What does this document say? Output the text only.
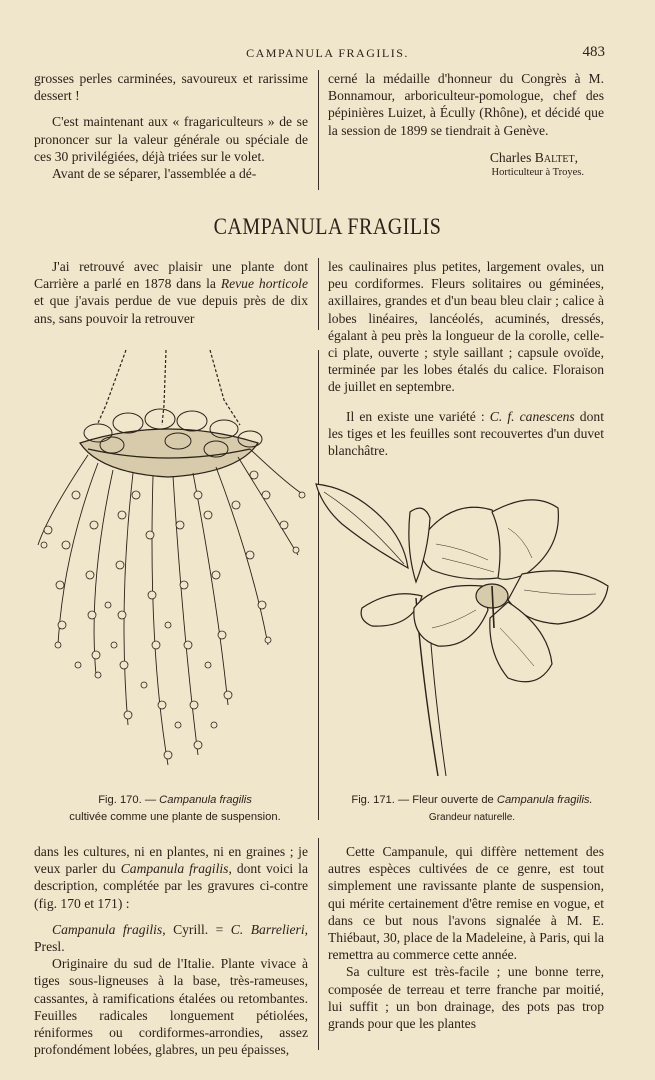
CAMPANULA FRAGILIS.	483

grosses perles carminées, savoureux et rarissime dessert !

C'est maintenant aux « fragariculteurs » de se prononcer sur la valeur générale ou spéciale de ces 30 privilégiées, déjà triées sur le volet.

Avant de se séparer, l'assemblée a dé-

cerné la médaille d'honneur du Congrès à M. Bonnamour, arboriculteur-pomologue, chef des pépinières Luizet, à Écully (Rhône), et décidé que la session de 1899 se tiendrait à Genève.

Charles Baltet,
Horticulteur à Troyes.

CAMPANULA FRAGILIS

J'ai retrouvé avec plaisir une plante dont Carrière a parlé en 1878 dans la Revue horticole et que j'avais perdue de vue depuis près de dix ans, sans pouvoir la retrouver

les caulinaires plus petites, largement ovales, un peu cordiformes. Fleurs solitaires ou géminées, axillaires, grandes et d'un beau bleu clair ; calice à lobes linéaires, lancéolés, acuminés, dressés, égalant à peu près la longueur de la corolle, celle-ci plate, ouverte ; style saillant ; capsule ovoïde, terminée par les lobes étalés du calice. Floraison de juillet en septembre.

Il en existe une variété : C. f. canescens dont les tiges et les feuilles sont recouvertes d'un duvet blanchâtre.

Fig. 170. — Campanula fragilis
cultivée comme une plante de suspension.
Fig. 171. — Fleur ouverte de Campanula fragilis.
Grandeur naturelle.

dans les cultures, ni en plantes, ni en graines ; je veux parler du Campanula fragilis, dont voici la description, complétée par les gravures ci-contre (fig. 170 et 171) :

Campanula fragilis, Cyrill. = C. Barrelieri, Presl.

Originaire du sud de l'Italie. Plante vivace à tiges sous-ligneuses à la base, très-rameuses, cassantes, à ramifications étalées ou retombantes. Feuilles radicales longuement pétiolées, réniformes ou cordiformes-arrondies, assez profondément lobées, glabres, un peu épaisses,

Cette Campanule, qui diffère nettement des autres espèces cultivées de ce genre, est tout simplement une ravissante plante de suspension, qui mérite certainement d'être remise en vogue, et dans ce but nous l'avons signalée à M. E. Thiébaut, 30, place de la Madeleine, à Paris, qui la remettra au commerce cette année.

Sa culture est très-facile ; une bonne terre, composée de terreau et terre franche par moitié, lui suffit ; un bon drainage, des pots pas trop grands pour que les plantes
